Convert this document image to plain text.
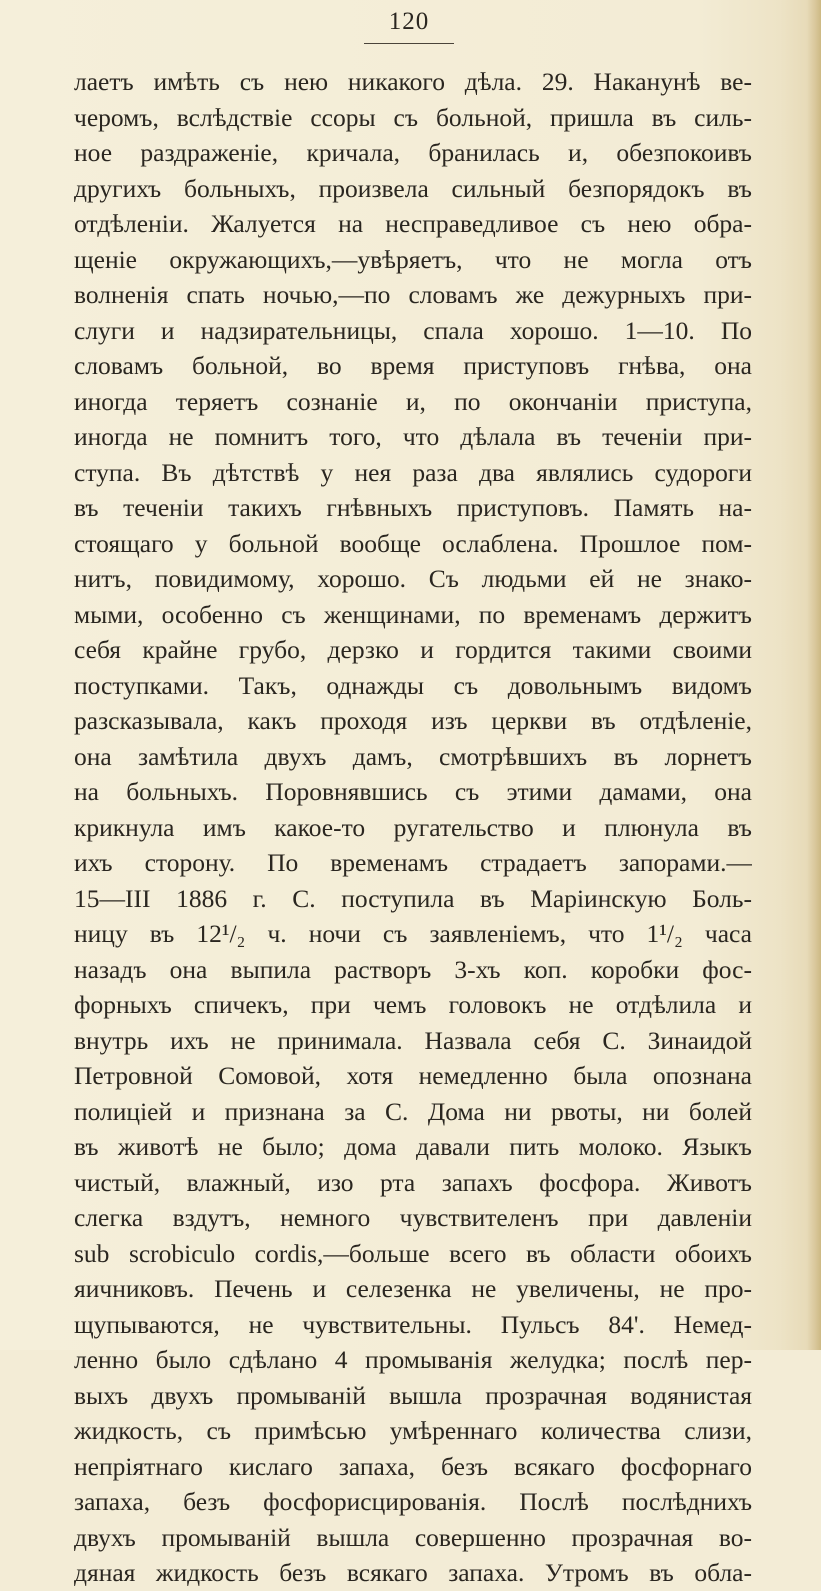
120
лаетъ имѣть съ нею никакого дѣла. 29. Наканунѣ ве-
черомъ, вслѣдствіе ссоры съ больной, пришла въ силь-
ное раздраженіе, кричала, бранилась и, обезпокоивъ
другихъ больныхъ, произвела сильный безпорядокъ въ
отдѣленіи. Жалуется на несправедливое съ нею обра-
щеніе окружающихъ,—увѣряетъ, что не могла отъ
волненія спать ночью,—по словамъ же дежурныхъ при-
слуги и надзирательницы, спала хорошо. 1—10. По
словамъ больной, во время приступовъ гнѣва, она
иногда теряетъ сознаніе и, по окончаніи приступа,
иногда не помнитъ того, что дѣлала въ теченіи при-
ступа. Въ дѣтствѣ у нея раза два являлись судороги
въ теченіи такихъ гнѣвныхъ приступовъ. Память на-
стоящаго у больной вообще ослаблена. Прошлое пом-
нитъ, повидимому, хорошо. Съ людьми ей не знако-
мыми, особенно съ женщинами, по временамъ держитъ
себя крайне грубо, дерзко и гордится такими своими
поступками. Такъ, однажды съ довольнымъ видомъ
разсказывала, какъ проходя изъ церкви въ отдѣленіе,
она замѣтила двухъ дамъ, смотрѣвшихъ въ лорнетъ
на больныхъ. Поровнявшись съ этими дамами, она
крикнула имъ какое-то ругательство и плюнула въ
ихъ сторону. По временамъ страдаетъ запорами.—
15—III 1886 г. С. поступила въ Маріинскую Боль-
ницу въ 12¹/₂ ч. ночи съ заявленіемъ, что 1¹/₂ часа
назадъ она выпила растворъ 3-хъ коп. коробки фос-
форныхъ спичекъ, при чемъ головокъ не отдѣлила и
внутрь ихъ не принимала. Назвала себя С. Зинаидой
Петровной Сомовой, хотя немедленно была опознана
полиціей и признана за С. Дома ни рвоты, ни болей
въ животѣ не было; дома давали пить молоко. Языкъ
чистый, влажный, изо рта запахъ фосфора. Животъ
слегка вздутъ, немного чувствителенъ при давленіи
sub scrobiculo cordis,—больше всего въ области обоихъ
яичниковъ. Печень и селезенка не увеличены, не про-
щупываются, не чувствительны. Пульсъ 84'. Немед-
ленно было сдѣлано 4 промыванія желудка; послѣ пер-
выхъ двухъ промываній вышла прозрачная водянистая
жидкость, съ примѣсью умѣреннаго количества слизи,
непріятнаго кислаго запаха, безъ всякаго фосфорнаго
запаха, безъ фосфорисцированія. Послѣ послѣднихъ
двухъ промываній вышла совершенно прозрачная во-
дяная жидкость безъ всякаго запаха. Утромъ въ обла-
